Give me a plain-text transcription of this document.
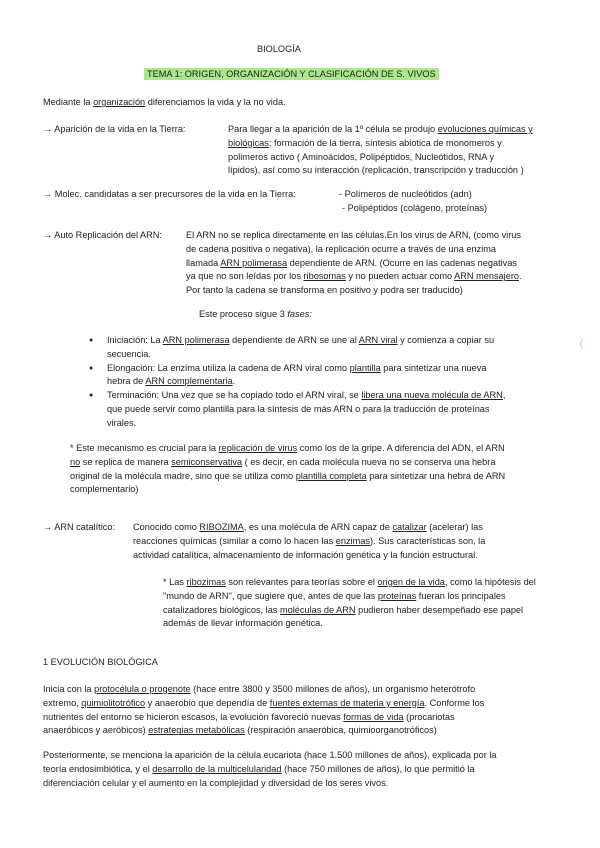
BIOLOGÍA
TEMA 1: ORIGEN, ORGANIZACIÓN Y CLASIFICACIÓN DE S. VIVOS
Mediante la organización diferenciamos la vida y la no vida.
→ Aparición de la vida en la Tierra:	Para llegar a la aparición de la 1º célula se produjo evoluciones químicas y
biológicas; formación de la tierra, síntesis abiotica de monomeros y
polimeros activo ( Aminoácidos, Polipéptidos, Nucleótidos, RNA y
lípidos), así como su interacción (replicación, transcripción y traducción )
→ Molec. candidatas a ser precursores de la vida en la Tierra:	- Polímeros de nucleótidos (adn)
- Polipéptidos (colágeno, proteínas)
→ Auto Replicación del ARN:	El ARN no se replica directamente en las células.En los virus de ARN, (como virus
de cadena positiva o negativa), la replicación ocurre a través de una enzima
llamada ARN polimerasa dependiente de ARN. (Ocurre en las cadenas negativas
ya que no son leídas por los ribosomas y no pueden actuar como ARN mensajero.
Por tanto la cadena se transforma en positivo y podra ser traducido)
Este proceso sigue 3 fases:
● Iniciación: La ARN polimerasa dependiente de ARN se une al ARN viral y comienza a copiar su
secuencia.
● Elongación: La enzima utiliza la cadena de ARN viral como plantilla para sintetizar una nueva
hebra de ARN complementaria.
● Terminación: Una vez que se ha copiado todo el ARN viral, se libera una nueva molécula de ARN,
que puede servir como plantilla para la síntesis de más ARN o para la traducción de proteínas
virales.
* Este mecanismo es crucial para la replicación de virus como los de la gripe. A diferencia del ADN, el ARN
no se replica de manera semiconservativa ( es decir, en cada molécula nueva no se conserva una hebra
original de la molécula madre, sino que se utiliza como plantilla completa para sintetizar una hebra de ARN
complementario)
→ ARN catalítico: Conocido como RIBOZIMA, es una molécula de ARN capaz de catalizar (acelerar) las
reacciones químicas (similar a como lo hacen las enzimas). Sus características son, la
actividad catalítica, almacenamiento de información genética y la función estructural.
* Las ribozimas son relevantes para teorías sobre el origen de la vida, como la hipótesis del
"mundo de ARN", que sugiere que, antes de que las proteínas fueran los principales
catalizadores biológicos, las moléculas de ARN pudieron haber desempeñado ese papel
además de llevar información genética.
1 EVOLUCIÓN BIOLÓGICA
Inicia con la protocélula o progenote (hace entre 3800 y 3500 millones de años), un organismo heterótrofo
extremo, quimiolitotrófico y anaerobio que dependía de fuentes externas de materia y energía. Conforme los
nutrientes del entorno se hicieron escasos, la evolución favoreció nuevas formas de vida (procariotas
anaeróbicos y aeróbicos) estrategias metabólicas (respiración anaeróbica, quimioorganotróficos)
Posteriormente, se menciona la aparición de la célula eucariota (hace 1.500 millones de años), explicada por la
teoría endosimbiótica, y el desarrollo de la multicelularidad (hace 750 millones de años), lo que permitió la
diferenciación celular y el aumento en la complejidad y diversidad de los seres vivos.
